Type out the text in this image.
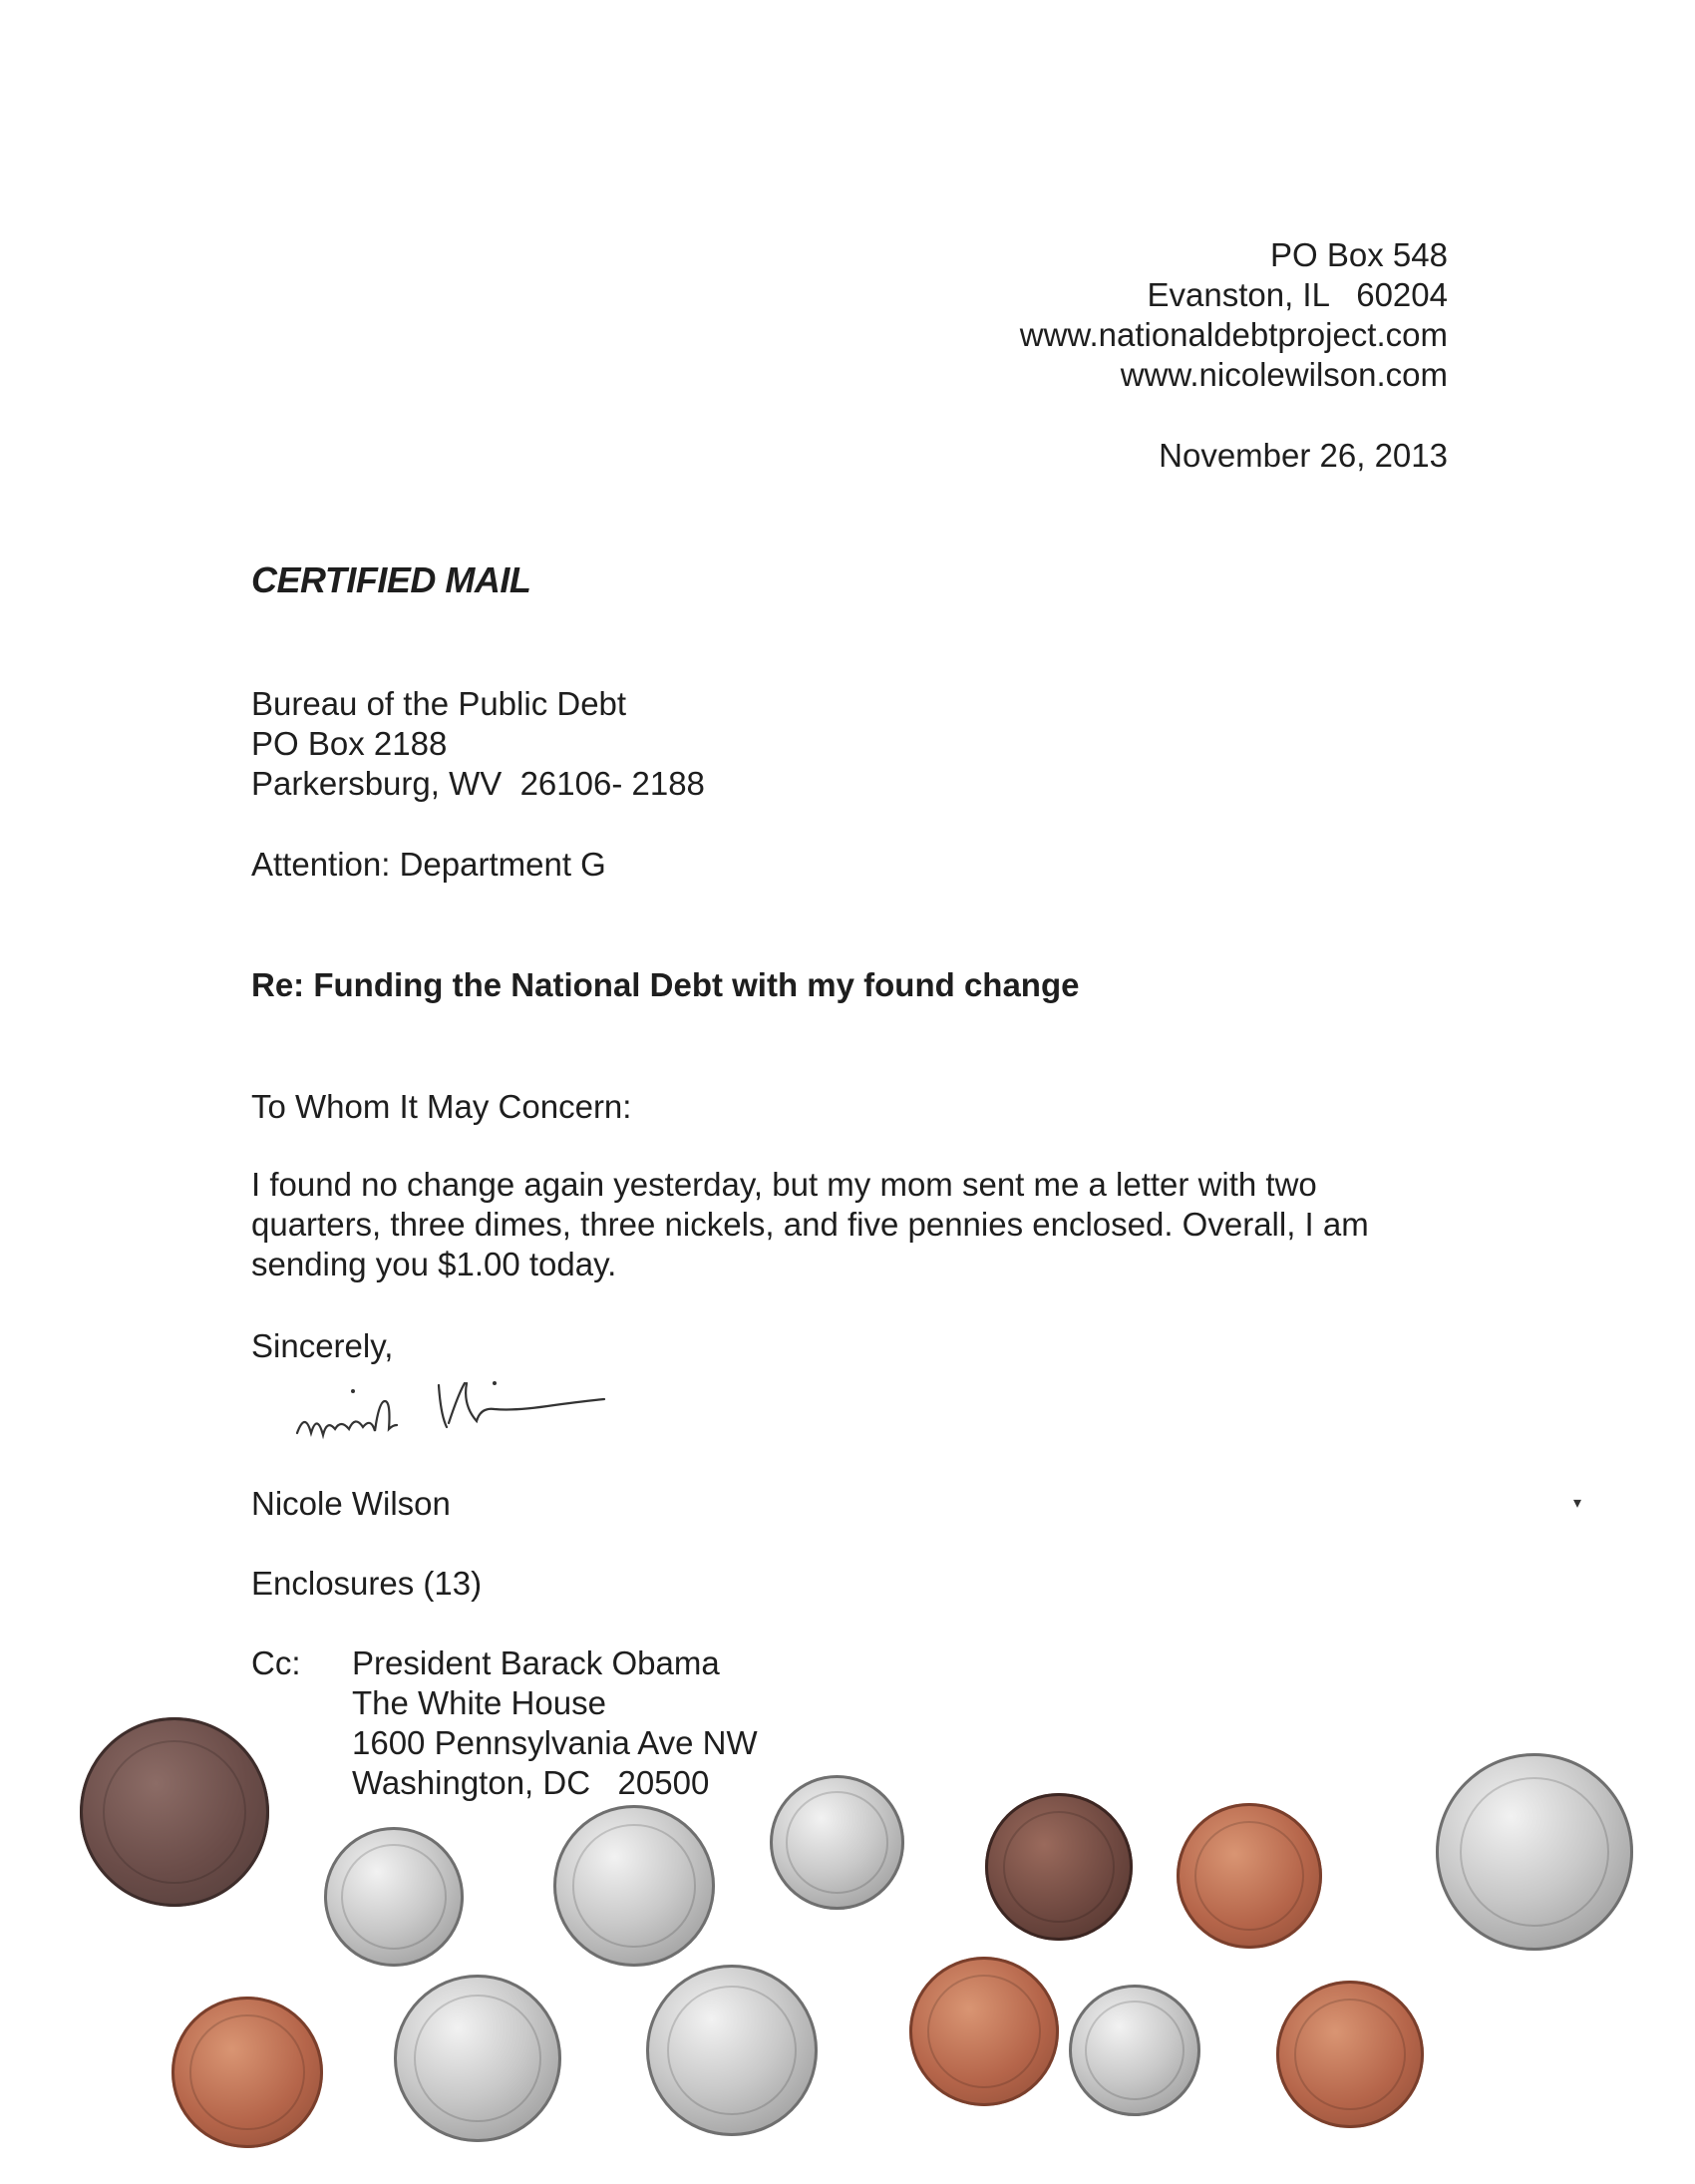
PO Box 548
Evanston, IL   60204
www.nationaldebtproject.com
www.nicolewilson.com
November 26, 2013
CERTIFIED MAIL
Bureau of the Public Debt
PO Box 2188
Parkersburg, WV  26106- 2188
Attention: Department G
Re: Funding the National Debt with my found change
To Whom It May Concern:
I found no change again yesterday, but my mom sent me a letter with two
quarters, three dimes, three nickels, and five pennies enclosed. Overall, I am
sending you $1.00 today.
Sincerely,
Nicole Wilson
Enclosures (13)
Cc: President Barack Obama
The White House
1600 Pennsylvania Ave NW
Washington, DC   20500
▾
